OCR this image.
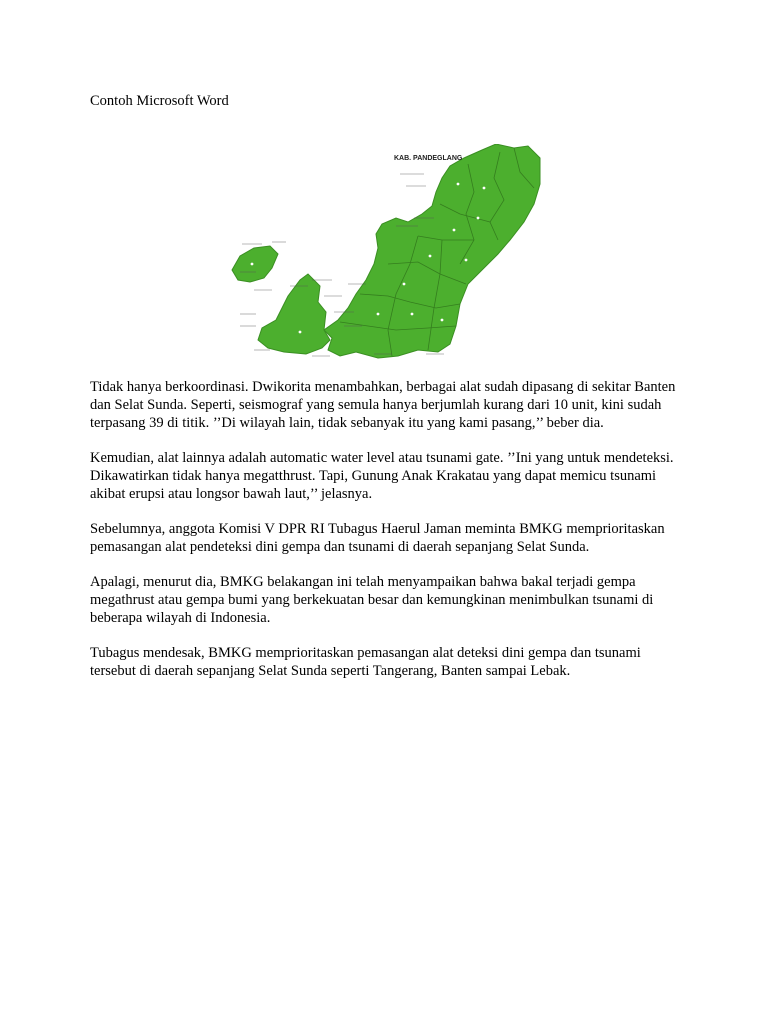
Contoh Microsoft Word
KAB. PANDEGLANG

Tidak hanya berkoordinasi. Dwikorita menambahkan, berbagai alat sudah dipasang di sekitar Banten dan Selat Sunda. Seperti, seismograf yang semula hanya berjumlah kurang dari 10 unit, kini sudah terpasang 39 di titik. ’’Di wilayah lain, tidak sebanyak itu yang kami pasang,’’ beber dia.

Kemudian, alat lainnya adalah automatic water level atau tsunami gate. ’’Ini yang untuk mendeteksi. Dikawatirkan tidak hanya megatthrust. Tapi, Gunung Anak Krakatau yang dapat memicu tsunami akibat erupsi atau longsor bawah laut,’’ jelasnya.

Sebelumnya, anggota Komisi V DPR RI Tubagus Haerul Jaman meminta BMKG memprioritaskan pemasangan alat pendeteksi dini gempa dan tsunami di daerah sepanjang Selat Sunda.

Apalagi, menurut dia, BMKG belakangan ini telah menyampaikan bahwa bakal terjadi gempa megathrust atau gempa bumi yang berkekuatan besar dan kemungkinan menimbulkan tsunami di beberapa wilayah di Indonesia.

Tubagus mendesak, BMKG memprioritaskan pemasangan alat deteksi dini gempa dan tsunami tersebut di daerah sepanjang Selat Sunda seperti Tangerang, Banten sampai Lebak.
